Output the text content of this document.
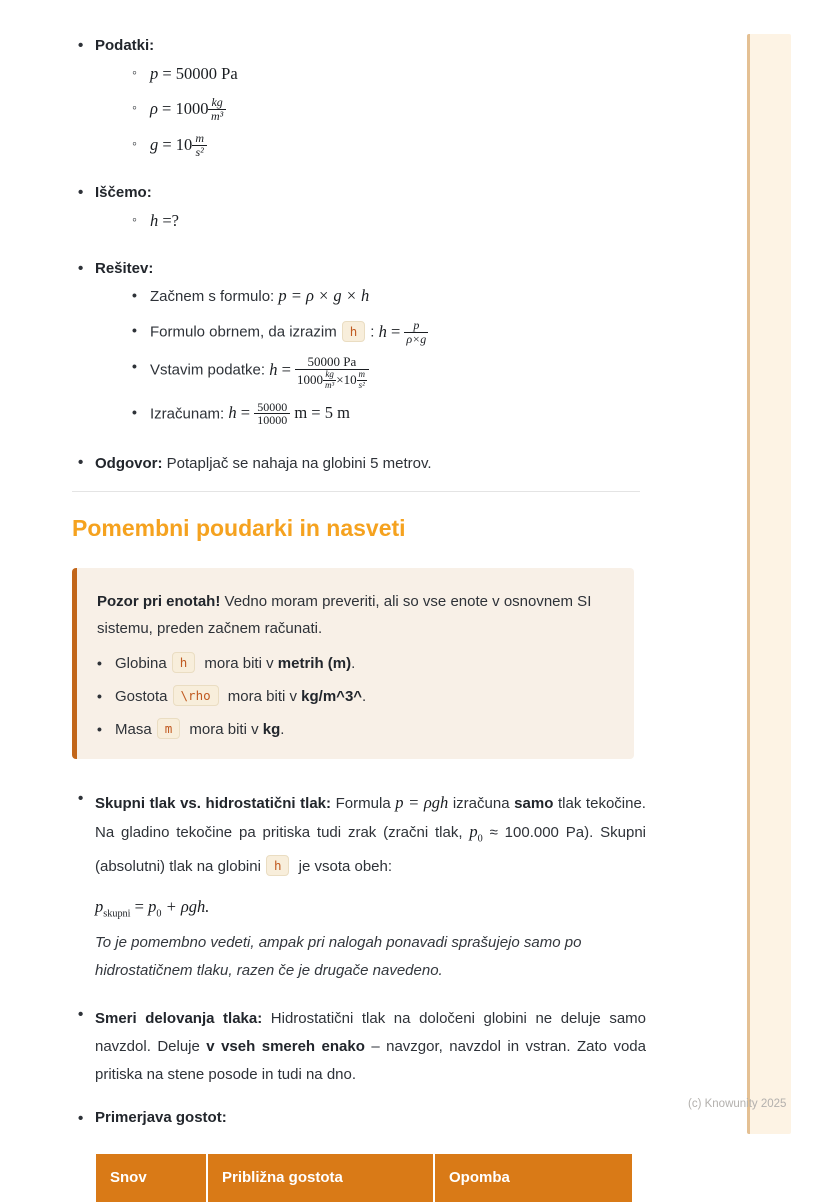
(c) Knowunity 2025
• Podatki:
◦ p = 50000 Pa
◦ $\rho = 1000 \frac{kg}{\text{m³}}$
◦ $g = 10 \frac{m}{\text{s²}}$
• Iščemo:
◦ h =?
• Rešitev:
• Začnem s formulo: p = ρ × g × h
• Formulo obrnem, da izrazim h : $h = \frac{p}{\rho\times g}$
• Vstavim podatke: $h = \frac{50000 Pa}{1000 \frac{kg}{\text{m³}} \times 10 \frac{m}{\text{s²}}}$
• Izračunam: $h = \frac{50000}{10000}$ m = 5 m
• Odgovor: Potapljač se nahaja na globini 5 metrov.
Pomembni poudarki in nasveti

Pozor pri enotah! Vedno moram preveriti, ali so vse enote v osnovnem SI sistemu, preden začnem računati.

• Globina h mora biti v metrih (m).
• Gostota \rho mora biti v kg/m^3^.
• Masa m mora biti v kg.
• Skupni tlak vs. hidrostatični tlak: Formula p = ρgh izračuna samo tlak tekočine. Na gladino tekočine pa pritiska tudi zrak (zračni tlak, $p_0 \approx 100.000$ Pa). Skupni (absolutni) tlak na globini h je vsota obeh:
$p_{skupni} = p_0 + \rho gh$.
To je pomembno vedeti, ampak pri nalogah ponavadi sprašujejo samo po hidrostatičnem tlaku, razen če je drugače navedeno.
• Smeri delovanja tlaka: Hidrostatični tlak na določeni globini ne deluje samo navzdol. Deluje v vseh smereh enako – navzgor, navzdol in vstran. Zato voda pritiska na stene posode in tudi na dno.
• Primerjava gostot:
Snov	Približna gostota	Opomba
